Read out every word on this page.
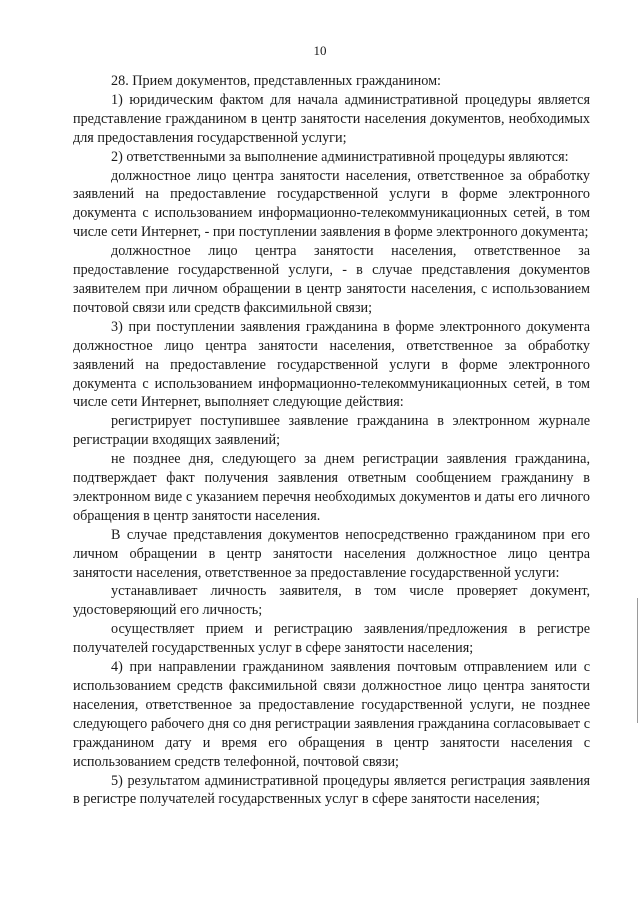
10

28. Прием документов, представленных гражданином:

1) юридическим фактом для начала административной процедуры является представление гражданином в центр занятости населения документов, необходимых для предоставления государственной услуги;

2) ответственными за выполнение административной процедуры являются:

должностное лицо центра занятости населения, ответственное за обработку заявлений на предоставление государственной услуги в форме электронного документа с использованием информационно-телекоммуникационных сетей, в том числе сети Интернет, - при поступлении заявления в форме электронного документа;

должностное лицо центра занятости населения, ответственное за предоставление государственной услуги, - в случае представления документов заявителем при личном обращении в центр занятости населения, с использованием почтовой связи или средств факсимильной связи;

3) при поступлении заявления гражданина в форме электронного документа должностное лицо центра занятости населения, ответственное за обработку заявлений на предоставление государственной услуги в форме электронного документа с использованием информационно-телекоммуникационных сетей, в том числе сети Интернет, выполняет следующие действия:

регистрирует поступившее заявление гражданина в электронном журнале регистрации входящих заявлений;

не позднее дня, следующего за днем регистрации заявления гражданина, подтверждает факт получения заявления ответным сообщением гражданину в электронном виде с указанием перечня необходимых документов и даты его личного обращения в центр занятости населения.

В случае представления документов непосредственно гражданином при его личном обращении в центр занятости населения должностное лицо центра занятости населения, ответственное за предоставление государственной услуги:

устанавливает личность заявителя, в том числе проверяет документ, удостоверяющий его личность;

осуществляет прием и регистрацию заявления/предложения в регистре получателей государственных услуг в сфере занятости населения;

4) при направлении гражданином заявления почтовым отправлением или с использованием средств факсимильной связи должностное лицо центра занятости населения, ответственное за предоставление государственной услуги, не позднее следующего рабочего дня со дня регистрации заявления гражданина согласовывает с гражданином дату и время его обращения в центр занятости населения с использованием средств телефонной, почтовой связи;

5) результатом административной процедуры является регистрация заявления в регистре получателей государственных услуг в сфере занятости населения;
